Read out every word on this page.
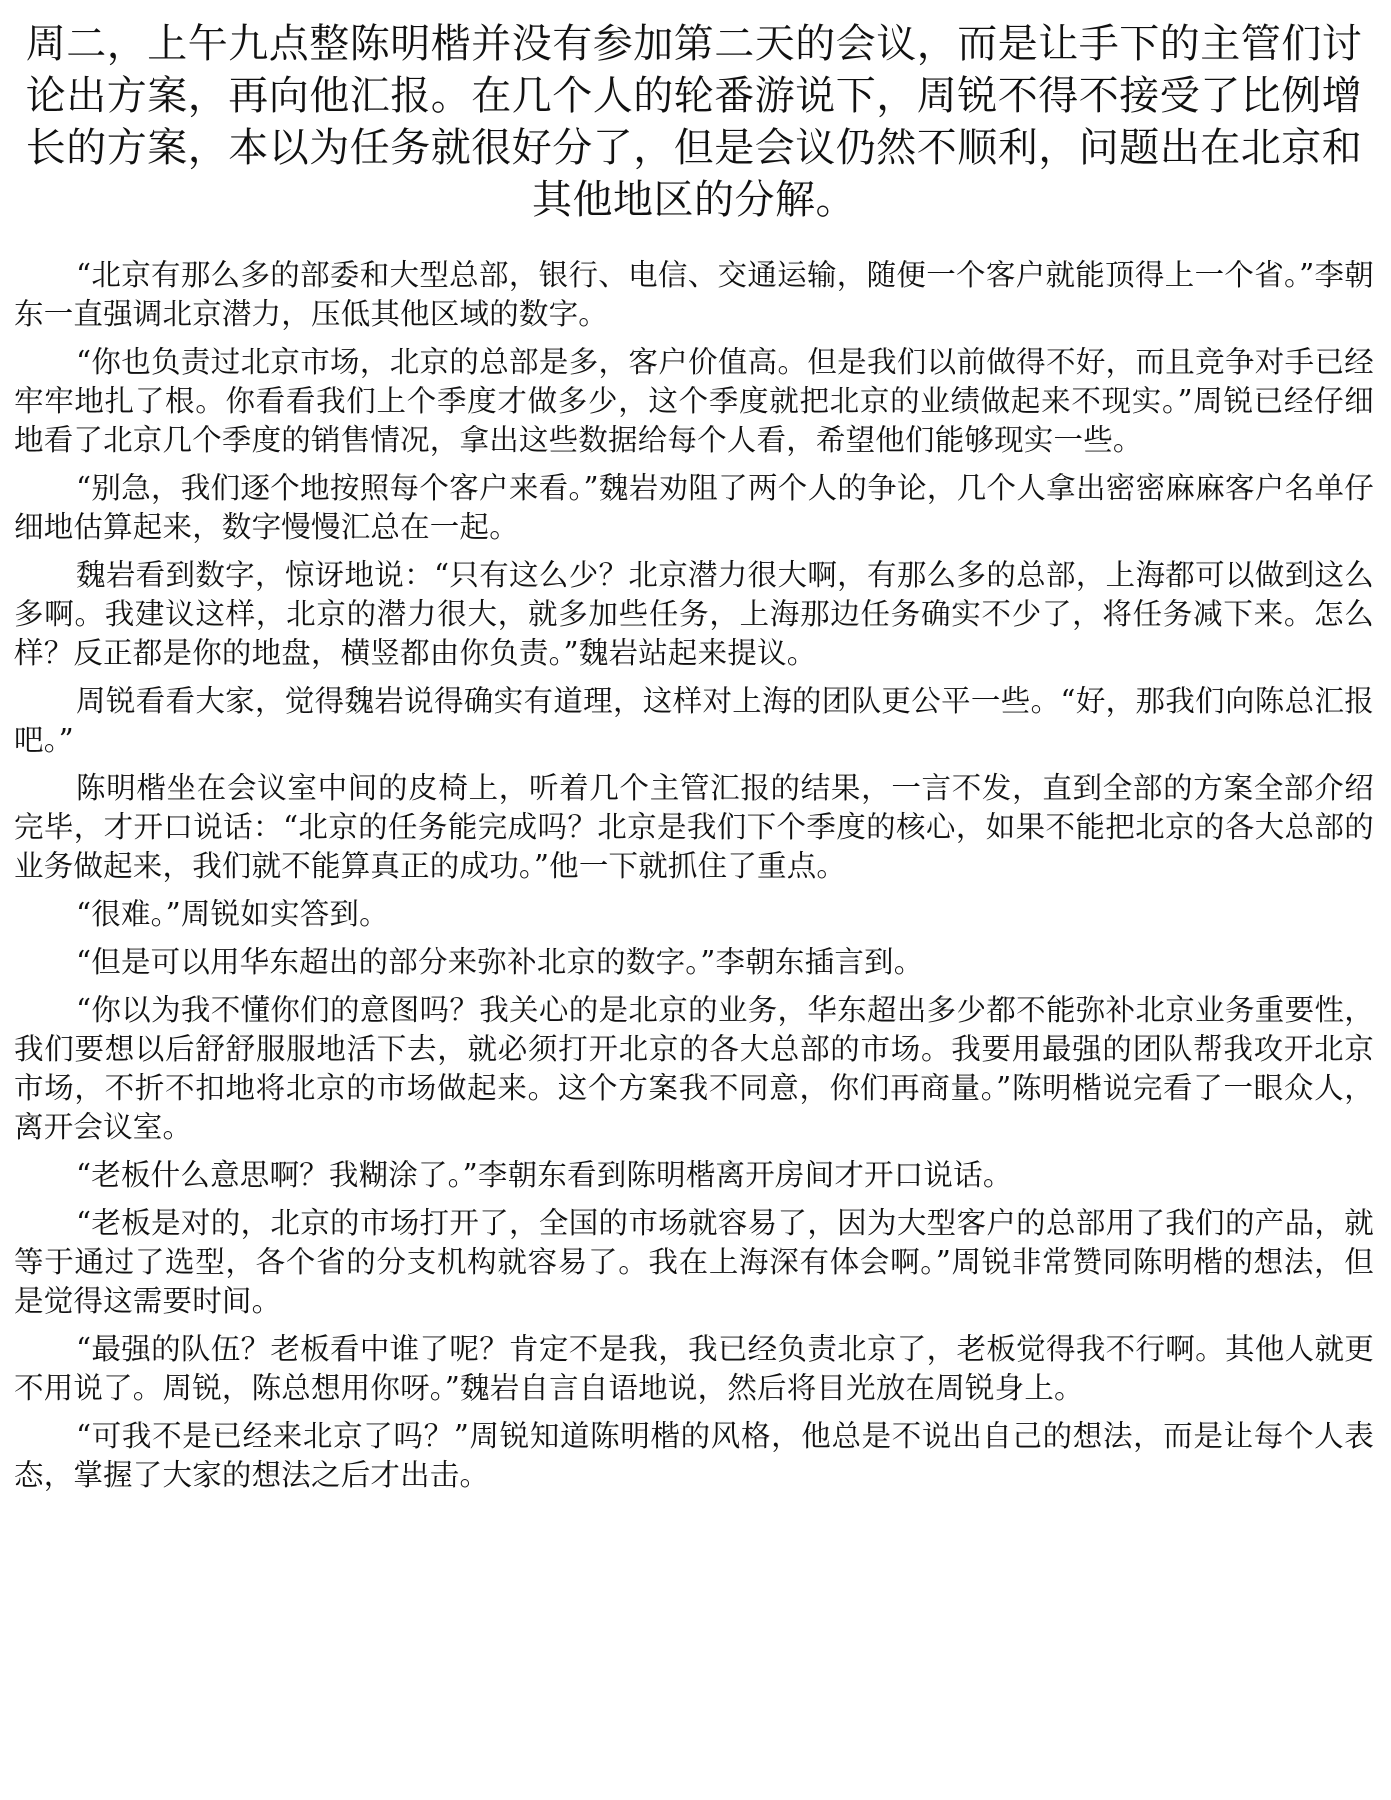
周二，上午九点整陈明楷并没有参加第二天的会议，而是让手下的主管们讨论出方案，再向他汇报。在几个人的轮番游说下，周锐不得不接受了比例增长的方案，本以为任务就很好分了，但是会议仍然不顺利，问题出在北京和其他地区的分解。

“北京有那么多的部委和大型总部，银行、电信、交通运输，随便一个客户就能顶得上一个省。”李朝东一直强调北京潜力，压低其他区域的数字。

“你也负责过北京市场，北京的总部是多，客户价值高。但是我们以前做得不好，而且竞争对手已经牢牢地扎了根。你看看我们上个季度才做多少，这个季度就把北京的业绩做起来不现实。”周锐已经仔细地看了北京几个季度的销售情况，拿出这些数据给每个人看，希望他们能够现实一些。

“别急，我们逐个地按照每个客户来看。”魏岩劝阻了两个人的争论，几个人拿出密密麻麻客户名单仔细地估算起来，数字慢慢汇总在一起。

魏岩看到数字，惊讶地说：“只有这么少？北京潜力很大啊，有那么多的总部，上海都可以做到这么多啊。我建议这样，北京的潜力很大，就多加些任务，上海那边任务确实不少了，将任务减下来。怎么样？反正都是你的地盘，横竖都由你负责。”魏岩站起来提议。

周锐看看大家，觉得魏岩说得确实有道理，这样对上海的团队更公平一些。“好，那我们向陈总汇报吧。”

陈明楷坐在会议室中间的皮椅上，听着几个主管汇报的结果，一言不发，直到全部的方案全部介绍完毕，才开口说话：“北京的任务能完成吗？北京是我们下个季度的核心，如果不能把北京的各大总部的业务做起来，我们就不能算真正的成功。”他一下就抓住了重点。

“很难。”周锐如实答到。

“但是可以用华东超出的部分来弥补北京的数字。”李朝东插言到。

“你以为我不懂你们的意图吗？我关心的是北京的业务，华东超出多少都不能弥补北京业务重要性，我们要想以后舒舒服服地活下去，就必须打开北京的各大总部的市场。我要用最强的团队帮我攻开北京市场，不折不扣地将北京的市场做起来。这个方案我不同意，你们再商量。”陈明楷说完看了一眼众人，离开会议室。

“老板什么意思啊？我糊涂了。”李朝东看到陈明楷离开房间才开口说话。

“老板是对的，北京的市场打开了，全国的市场就容易了，因为大型客户的总部用了我们的产品，就等于通过了选型，各个省的分支机构就容易了。我在上海深有体会啊。”周锐非常赞同陈明楷的想法，但是觉得这需要时间。

“最强的队伍？老板看中谁了呢？肯定不是我，我已经负责北京了，老板觉得我不行啊。其他人就更不用说了。周锐，陈总想用你呀。”魏岩自言自语地说，然后将目光放在周锐身上。

“可我不是已经来北京了吗？”周锐知道陈明楷的风格，他总是不说出自己的想法，而是让每个人表态，掌握了大家的想法之后才出击。
